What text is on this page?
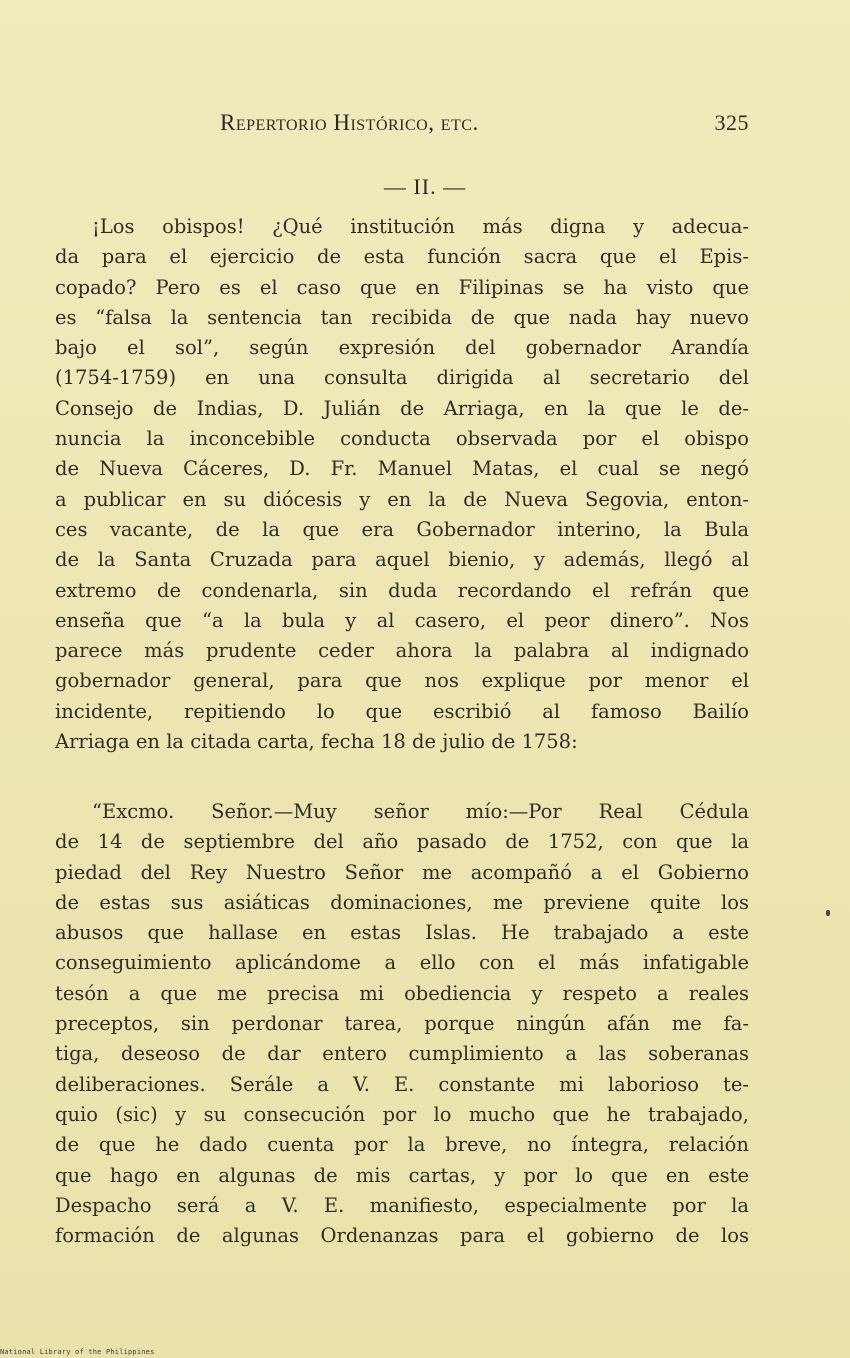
Repertorio Histórico, etc.	325
— II. —
¡Los obispos! ¿Qué institución más digna y adecua-
da para el ejercicio de esta función sacra que el Epis-
copado? Pero es el caso que en Filipinas se ha visto que
es “falsa la sentencia tan recibida de que nada hay nuevo
bajo el sol”, según expresión del gobernador Arandía
(1754-1759) en una consulta dirigida al secretario del
Consejo de Indias, D. Julián de Arriaga, en la que le de-
nuncia la inconcebible conducta observada por el obispo
de Nueva Cáceres, D. Fr. Manuel Matas, el cual se negó
a publicar en su diócesis y en la de Nueva Segovia, enton-
ces vacante, de la que era Gobernador interino, la Bula
de la Santa Cruzada para aquel bienio, y además, llegó al
extremo de condenarla, sin duda recordando el refrán que
enseña que “a la bula y al casero, el peor dinero”. Nos
parece más prudente ceder ahora la palabra al indignado
gobernador general, para que nos explique por menor el
incidente, repitiendo lo que escribió al famoso Bailío
Arriaga en la citada carta, fecha 18 de julio de 1758:
“Excmo. Señor.—Muy señor mío:—Por Real Cédula
de 14 de septiembre del año pasado de 1752, con que la
piedad del Rey Nuestro Señor me acompañó a el Gobierno
de estas sus asiáticas dominaciones, me previene quite los
abusos que hallase en estas Islas. He trabajado a este
conseguimiento aplicándome a ello con el más infatigable
tesón a que me precisa mi obediencia y respeto a reales
preceptos, sin perdonar tarea, porque ningún afán me fa-
tiga, deseoso de dar entero cumplimiento a las soberanas
deliberaciones. Serále a V. E. constante mi laborioso te-
quio (sic) y su consecución por lo mucho que he trabajado,
de que he dado cuenta por la breve, no íntegra, relación
que hago en algunas de mis cartas, y por lo que en este
Despacho será a V. E. manifiesto, especialmente por la
formación de algunas Ordenanzas para el gobierno de los
National Library of the Philippines
